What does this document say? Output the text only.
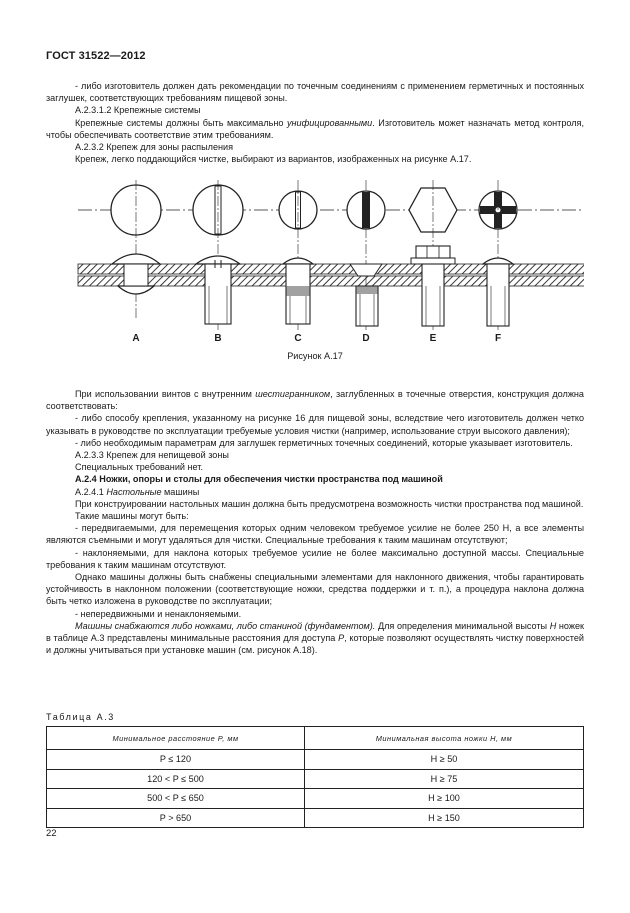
ГОСТ 31522—2012

- либо изготовитель должен дать рекомендации по точечным соединениям с применением герметичных и постоянных заглушек, соответствующих требованиям пищевой зоны.

А.2.3.1.2 Крепежные системы

Крепежные системы должны быть максимально унифицированными. Изготовитель может назначать метод контроля, чтобы обеспечивать соответствие этим требованиям.

А.2.3.2 Крепеж для зоны распыления

Крепеж, легко поддающийся чистке, выбирают из вариантов, изображенных на рисунке А.17.

A	B	C	D	E	F
Рисунок А.17

При использовании винтов с внутренним шестигранником, заглубленных в точечные отверстия, конструкция должна соответствовать:

- либо способу крепления, указанному на рисунке 16 для пищевой зоны, вследствие чего изготовитель должен четко указывать в руководстве по эксплуатации требуемые условия чистки (например, использование струи высокого давления);

- либо необходимым параметрам для заглушек герметичных точечных соединений, которые указывает изготовитель.

А.2.3.3 Крепеж для непищевой зоны

Специальных требований нет.

А.2.4 Ножки, опоры и столы для обеспечения чистки пространства под машиной

А.2.4.1 Настольные машины

При конструировании настольных машин должна быть предусмотрена возможность чистки пространства под машиной.

Такие машины могут быть:

- передвигаемыми, для перемещения которых одним человеком требуемое усилие не более 250 Н, а все элементы являются съемными и могут удаляться для чистки. Специальные требования к таким машинам отсутствуют;

- наклоняемыми, для наклона которых требуемое усилие не более максимально доступной массы. Специальные требования к таким машинам отсутствуют.

Однако машины должны быть снабжены специальными элементами для наклонного движения, чтобы гарантировать устойчивость в наклонном положении (соответствующие ножки, средства поддержки и т. п.), а процедура наклона должна быть четко изложена в руководстве по эксплуатации;

- непередвижными и ненаклоняемыми.

Машины снабжаются либо ножками, либо станиной (фундаментом). Для определения минимальной высоты H ножек в таблице А.3 представлены минимальные расстояния для доступа P, которые позволяют осуществлять чистку поверхностей и должны учитываться при установке машин (см. рисунок А.18).

Таблица А.3
Минимальное расстояние P, мм	Минимальная высота ножки H, мм
P ≤ 120	H ≥ 50
120 < P ≤ 500	H ≥ 75
500 < P ≤ 650	H ≥ 100
P > 650	H ≥ 150
22
